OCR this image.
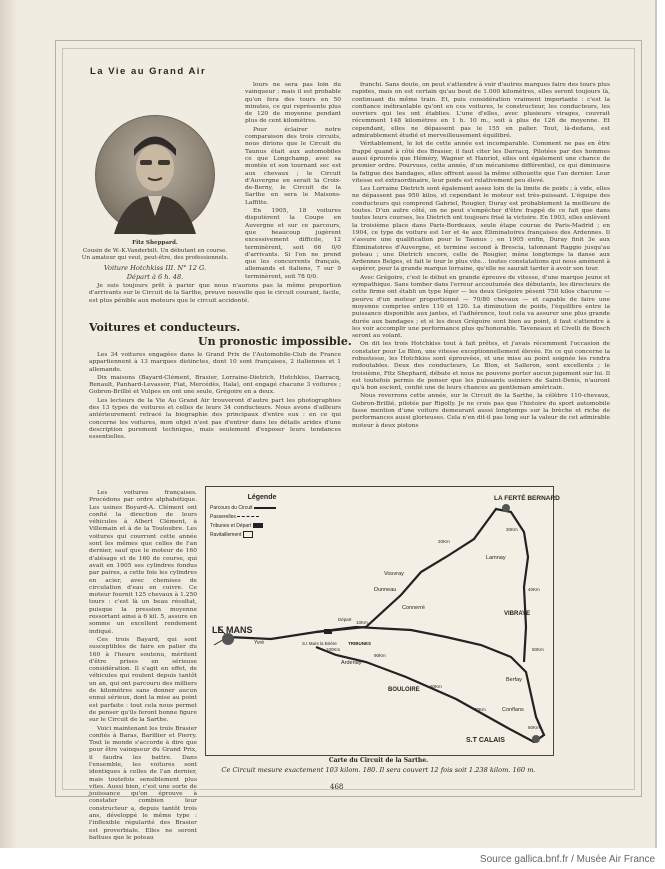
La Vie au Grand Air
Fitz Sheppard.
Cousin de W.-K.Vanderbilt. Un débutant en course.
Un amateur qui veut, peut-être, des professionnels.
Voiture Hotchkiss III. N° 12 G.
Départ à 6 h. 48.

lours ne sera pas loin du vainqueur ; mais il est probable qu'on fera des tours en 50 minutes, ce qui représente plus de 120 de moyenne pendant plus de cent kilomètres.

Pour éclairer notre comparaison des trois circuits, nous dirions que le Circuit du Taunus était aux automobiles ce que Longchamp, avec sa montée et son tournant sec est aux chevaux ; le Circuit d'Auvergne en serait la Croix-de-Berny, le Circuit de la Sarthe en sera le Maisons-Laffitte.

En 1905, 18 voitures disputèrent la Coupe en Auvergne et sur ce parcours, que beaucoup jugèrent excessivement difficile, 12 terminèrent, soit 66 0/0 d'arrivants. Si l'on ne prend que les concurrents français, allemands et italiens, 7 sur 9 terminèrent, soit 78 0/0.

Je suis toujours prêt à parier que nous n'aurons pas la même proportion d'arrivants sur le Circuit de la Sarthe, preuve nouvelle que le circuit courant, facile, est plus pénible aux moteurs que le circuit accidenté.

Voitures et conducteurs.
Un pronostic impossible.

Les 34 voitures engagées dans le Grand Prix de l'Automobile-Club de France appartiennent à 13 marques distinctes, dont 10 sont françaises, 2 italiennes et 1 allemande.

Dix maisons (Bayard-Clément, Brasier, Lorraine-Dietrich, Hotchkiss, Darracq, Renault, Panhard-Levassor, Fiat, Mercédès, Itala), ont engagé chacune 3 voitures ; Gobron-Brillié et Vulpes en ont une seule, Grégoire en a deux.

Les lecteurs de la Vie Au Grand Air trouveront d'autre part les photographies des 13 types de voitures et celles de leurs 34 conducteurs. Nous avons d'ailleurs antérieurement retracé la biographie des principaux d'entre eux : en ce qui concerne les voitures, mon objet n'est pas d'entrer dans les détails arides d'une description purement technique, mais seulement d'exposer leurs tendances essentielles.

Les voitures françaises. Procédons par ordre alphabétique. Les usines Boyard-A. Clément ont confié la direction de leurs véhicules à Albert Clément, à Villemain et à de la Touloubre. Les voitures qui courront cette année sont les mêmes que celles de l'an dernier, sauf que le moteur de 160 d'alésage et de 160 de course, qui avait en 1905 ses cylindres fondus par paires, a cette fois les cylindres en acier, avec chemises de circulation d'eau en cuivre. Ce moteur fournit 125 chevaux à 1.250 tours : c'est là un beau résultat, puisque la pression moyenne ressortant ainsi à 6 kil. 5, assure en somme un excellent rendement indiqué.

Ces trois Bayard, qui sont susceptibles de faire en palier du 160 à l'heure soutenu, méritent d'être prises en sérieuse considération. Il s'agit en effet, de véhicules qui roulent depuis tantôt un an, qui ont parcouru des milliers de kilomètres sans donner aucun ennui sérieux, dont la mise au point est parfaite : tout cela nous permet de penser qu'ils feront bonne figure sur le Circuit de la Sarthe.

Voici maintenant les trois Brasier confiés à Baras, Barillier et Pierry. Tout le monde s'accorde à dire que pour être vainqueur du Grand Prix, il faudra les battre. Dans l'ensemble, les voitures sont identiques à celles de l'an dernier, mais toutefois sensiblement plus vites. Aussi bien, c'est une sorte de jouissance qu'on éprouve à constater combien leur constructeur a, depuis tantôt trois ans, développé le même type : l'inflexible régularité des Brasier est proverbiale. Elles ne seront battues que le poteau

franchi. Sans doute, on peut s'attendre à voir d'autres marques faire des tours plus rapides, mais on est certain qu'au bout de 1.000 kilomètres, elles seront toujours là, continuant du même train. Et, puis considération vraiment importante : c'est la confiance inébranlable qu'ont en ces voitures, le constructeur, les conducteurs, les ouvriers qui les ont établies. L'une d'elles, avec plusieurs virages, couvrait récemment 148 kilomètres en 1 h. 10 m., soit à plus de 126 de moyenne. Et cependant, elles ne dépassent pas le 155 en palier. Tout, là-dedans, est admirablement étudié et merveilleusement équilibré.

Véritablement, le lot de cette année est incomparable. Comment ne pas en être frappé quand à côté des Brasier, il faut citer les Darracq. Pilotées par des hommes aussi éprouvés que Héméry, Wagner et Hanriot, elles ont également une chance de premier ordre. Pourvues, cette année, d'un mécanisme différentiel, ce qui diminuera la fatigue des bandages, elles offrent aussi la même silhouette que l'an dernier. Leur vitesse est extraordinaire, leur poids est relativement peu élevé.

Les Lorraine Dietrich sont également assez loin de la limite de poids ; à vide, elles ne dépassent pas 950 kilos, et cependant le moteur est très-puissant. L'équipe des conducteurs qui comprend Gabriel, Rougier, Duray est probablement la meilleure de toutes. D'un autre côté, on ne peut s'empêcher d'être frappé de ce fait que dans toutes leurs courses, les Dietrich ont toujours frisé la victoire. En 1903, elles enlèvent la troisième place dans Paris-Bordeaux, seule étape courue de Paris-Madrid ; en 1904, ce type de voiture est 1er et 4e aux Éliminatoires françaises des Ardennes. Il s'assure une qualification pour le Taunus ; en 1905 enfin, Duray finit 3e aux Éliminatoires d'Auvergne, et termine second à Brescia, talonnant Raggio jusqu'au poteau ; une Dietrich encore, celle de Rougier, mène longtemps la danse aux Ardennes Belges, et fait le tour le plus vite... toutes constatations qui nous amènent à espérer, pour la grande marque lorraine, qu'elle ne saurait tarder à avoir son tour.

Avec Grégoire, c'est le début en grande épreuve de vitesse, d'une marque jeune et sympathique. Sans tomber dans l'erreur accoutumée des débutants, les directeurs de cette firme ont établi un type léger — les deux Grégoire pèsent 750 kilos chacune — pourvu d'un moteur proportionné — 70/80 chevaux — et capable de faire une moyenne comprise entre 110 et 120. La diminution de poids, l'équilibre entre la puissance disponible aux jantes, et l'adhérence, tout cela va assurer une plus grande durée aux bandages ; et si les deux Grégoire sont bien au point, il faut s'attendre à les voir accomplir une performance plus qu'honorable. Taveneaux et Civelli de Bosch seront au volant.

On dit les trois Hotchkiss tout à fait prêtes, et j'avais récemment l'occasion de constater pour Le Blon, une vitesse exceptionnellement élevée. En ce qui concerne la robustesse, les Hotchkiss sont éprouvées, et une mise au point soignée les rendra redoutables. Deux des conducteurs, Le Blon, et Salleron, sont excellents ; le troisième, Fitz Shephard, débute et nous ne pouvons porter aucun jugement sur lui. Il est toutefois permis de penser que les puissants usiniers de Saint-Denis, n'auront qu'à bon escient, confié une de leurs chances au gentleman américain.

Nous reverrons cette année, sur le Circuit de la Sarthe, la célèbre 110-chevaux, Gobron-Brillié, pilotée par Rigolly. Je ne crois pas que l'histoire du sport automobile fasse mention d'une voiture demeurant aussi longtemps sur la brèche et riche de performances aussi glorieuses. Cela n'en dit-il pas long sur la valeur de cet admirable moteur à deux pistons

Légende
Parcours du Circuit
Passerelles
Tribunes et Départ
Ravitaillement
LE MANS
LA FERTÉ BERNARD
S.T CALAIS
VIBRAYE
BOULOIRE
Ardenay
Connerré
Dunneau
Vouvray
Lamnay
Berfay
Conflans
S.t Mars la Brière TRIBUNES
Départ
Yvré
20Km
30Km
40Km
50Km
60Km
70Km
80Km
90Km
100Km
10Km
Carte du Circuit de la Sarthe.
Ce Circuit mesure exactement 103 kilom. 180. Il sera couvert 12 fois soit 1.238 kilom. 160 m.
468
Source gallica.bnf.fr / Musée Air France
